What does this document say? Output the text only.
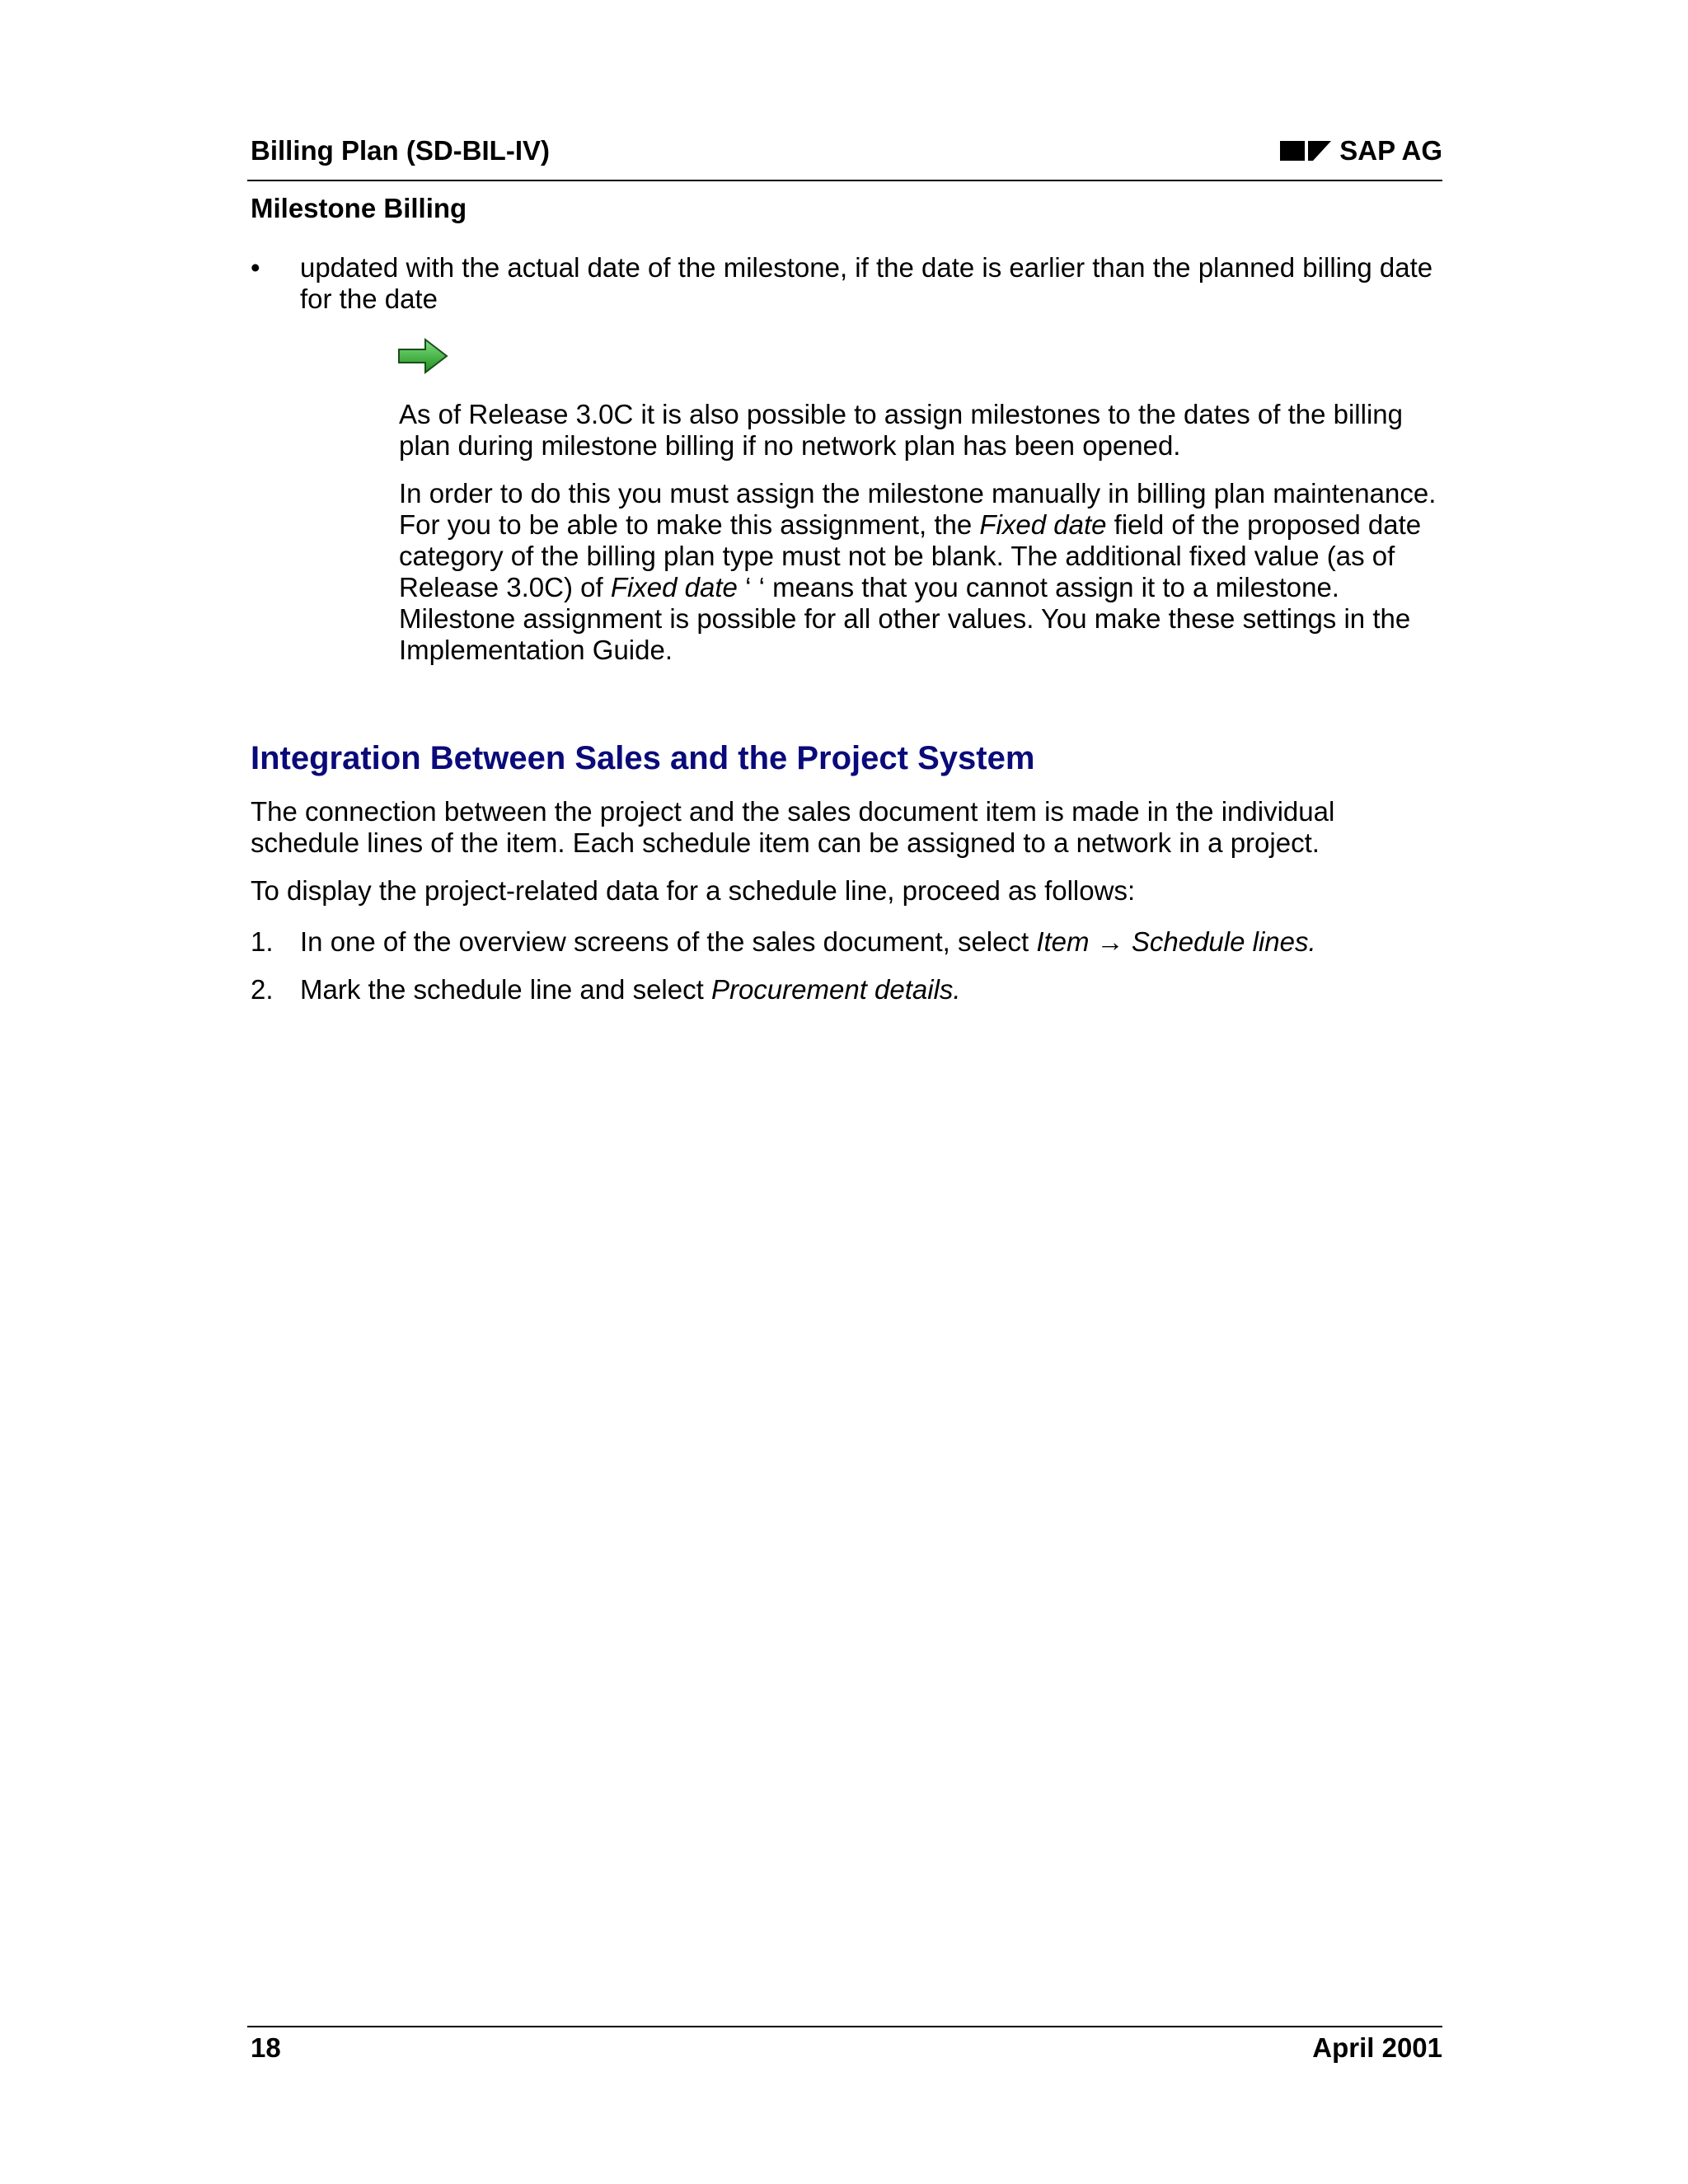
Billing Plan (SD-BIL-IV)	SAP AG
Milestone Billing
• updated with the actual date of the milestone, if the date is earlier than the planned billing date for the date

As of Release 3.0C it is also possible to assign milestones to the dates of the billing plan during milestone billing if no network plan has been opened.

In order to do this you must assign the milestone manually in billing plan maintenance. For you to be able to make this assignment, the Fixed date field of the proposed date category of the billing plan type must not be blank. The additional fixed value (as of Release 3.0C) of Fixed date ‘ ‘ means that you cannot assign it to a milestone. Milestone assignment is possible for all other values. You make these settings in the Implementation Guide.

Integration Between Sales and the Project System

The connection between the project and the sales document item is made in the individual schedule lines of the item. Each schedule item can be assigned to a network in a project.

To display the project-related data for a schedule line, proceed as follows:

1. In one of the overview screens of the sales document, select Item → Schedule lines.
2. Mark the schedule line and select Procurement details.
18	April 2001
